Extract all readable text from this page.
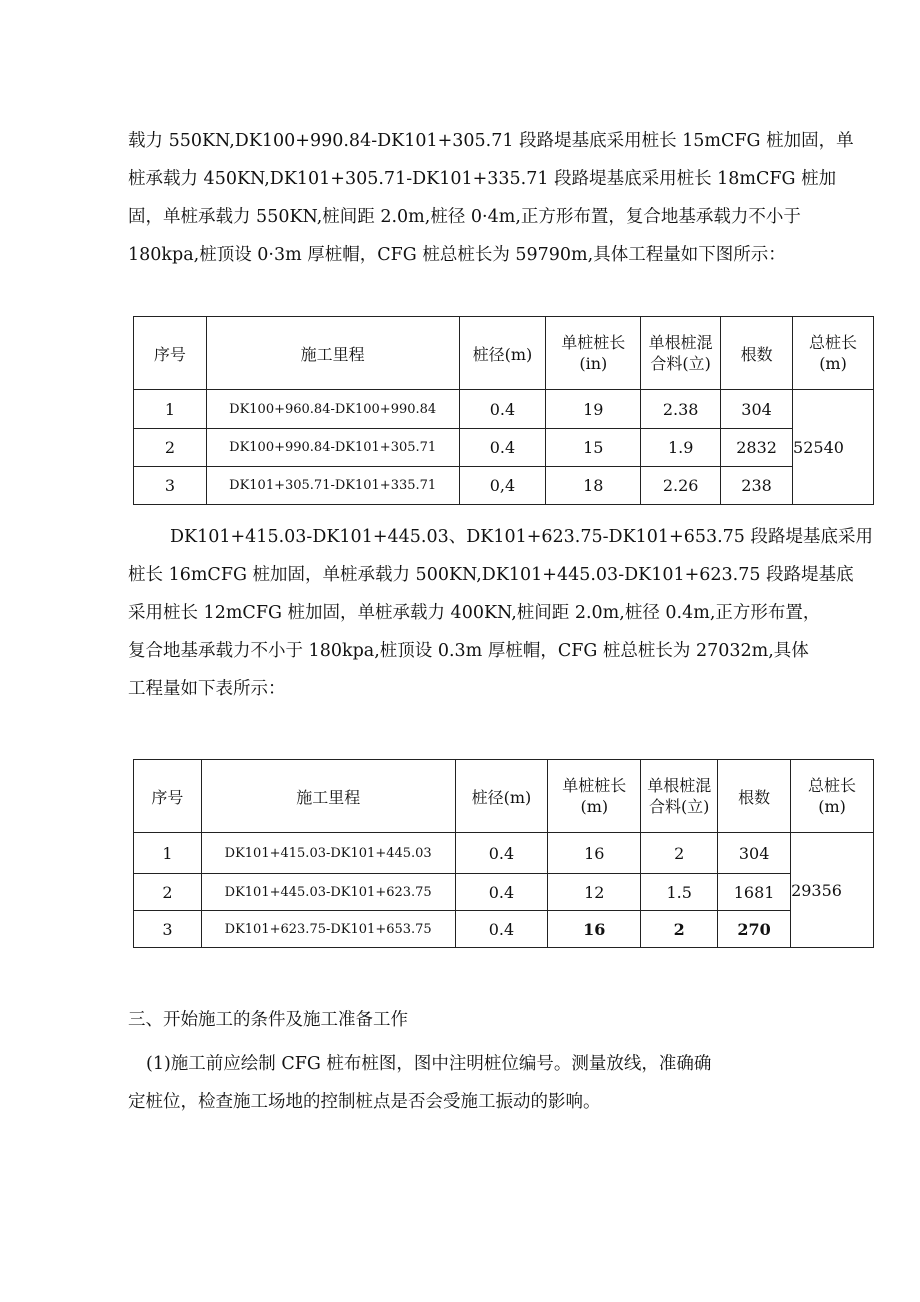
载力 550KN,DK100+990.84-DK101+305.71 段路堤基底采用桩长 15mCFG 桩加固，单
桩承载力 450KN,DK101+305.71-DK101+335.71 段路堤基底采用桩长 18mCFG 桩加
固，单桩承载力 550KN,桩间距 2.0m,桩径 0·4m,正方形布置，复合地基承载力不小于
180kpa,桩顶设 0·3m 厚桩帽，CFG 桩总桩长为 59790m,具体工程量如下图所示：
序号	施工里程	桩径(m)	单桩桩长(in)	单根桩混合料(立)	根数	总桩长(m)
1	DK100+960.84-DK100+990.84	0.4	19	2.38	304	52540
2	DK100+990.84-DK101+305.71	0.4	15	1.9	2832	
3	DK101+305.71-DK101+335.71	0,4	18	2.26	238	
DK101+415.03-DK101+445.03、DK101+623.75-DK101+653.75 段路堤基底采用
桩长 16mCFG 桩加固，单桩承载力 500KN,DK101+445.03-DK101+623.75 段路堤基底
采用桩长 12mCFG 桩加固，单桩承载力 400KN,桩间距 2.0m,桩径 0.4m,正方形布置，
复合地基承载力不小于 180kpa,桩顶设 0.3m 厚桩帽，CFG 桩总桩长为 27032m,具体
工程量如下表所示：
序号	施工里程	桩径(m)	单桩桩长(m)	单根桩混合料(立)	根数	总桩长(m)
1	DK101+415.03-DK101+445.03	0.4	16	2	304	29356
2	DK101+445.03-DK101+623.75	0.4	12	1.5	1681	
3	DK101+623.75-DK101+653.75	0.4	16	2	270	

三、开始施工的条件及施工准备工作

(1)施工前应绘制 CFG 桩布桩图，图中注明桩位编号。测量放线，准确确
定桩位，检查施工场地的控制桩点是否会受施工振动的影响。
